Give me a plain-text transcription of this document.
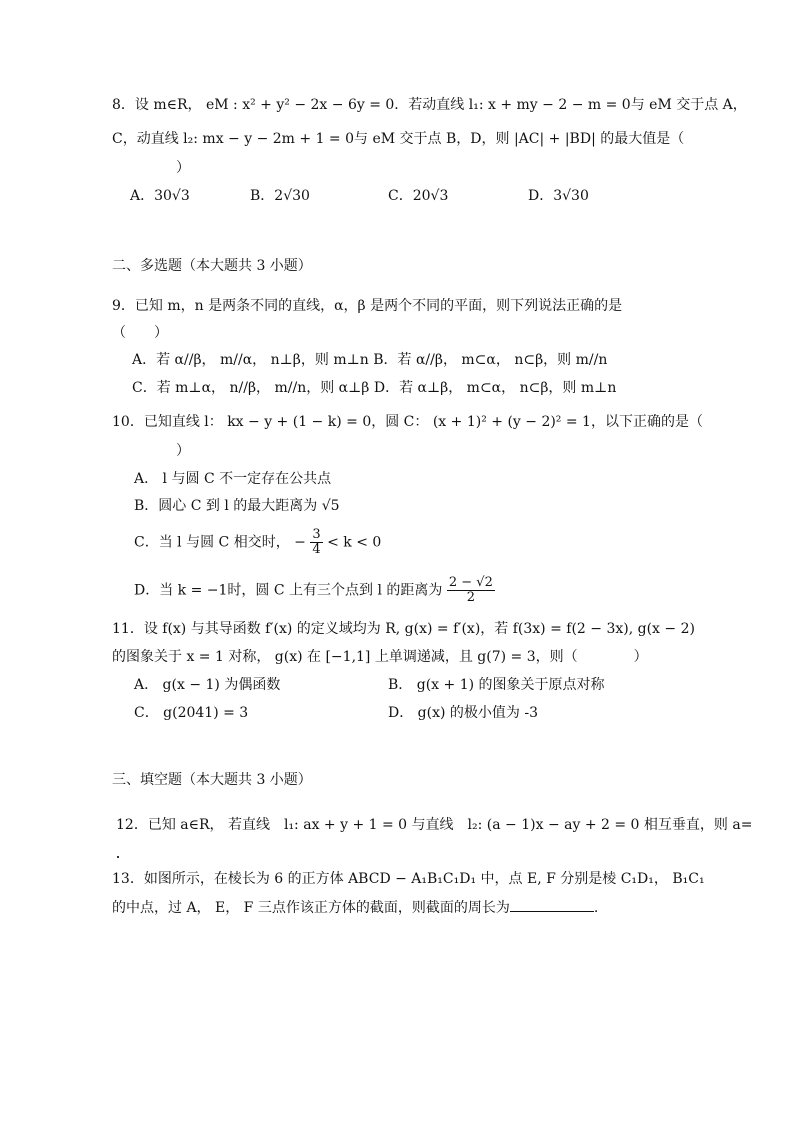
8．设 m∈R， eM : x² + y² − 2x − 6y = 0．若动直线 l₁: x + my − 2 − m = 0与 eM 交于点 A，
C，动直线 l₂: mx − y − 2m + 1 = 0与 eM 交于点 B，D，则 |AC| + |BD| 的最大值是（
）
A．30√3	B．2√30	C．20√3	D．3√30
二、多选题（本大题共 3 小题）
9．已知 m，n 是两条不同的直线，α，β 是两个不同的平面，则下列说法正确的是
（　　）
A．若 α//β， m//α， n⊥β，则 m⊥n B．若 α//β， m⊂α， n⊂β，则 m//n
C．若 m⊥α， n//β， m//n，则 α⊥β D．若 α⊥β， m⊂α， n⊂β，则 m⊥n
10．已知直线 l： kx − y + (1 − k) = 0，圆 C： (x + 1)² + (y − 2)² = 1，以下正确的是（
）
A． l 与圆 C 不一定存在公共点
B．圆心 C 到 l 的最大距离为 √5
C．当 l 与圆 C 相交时， − $\frac{3}{4} < k < 0$
D．当 k = −1时，圆 C 上有三个点到 l 的距离为 $\frac{2 - √2}{2}$
11．设 f(x) 与其导函数 f′(x) 的定义域均为 R, g(x) = f′(x)，若 f(3x) = f(2 − 3x), g(x − 2)
的图象关于 x = 1 对称， g(x) 在 [−1,1] 上单调递减，且 g(7) = 3，则（　　　　）
A． g(x − 1) 为偶函数	B． g(x + 1) 的图象关于原点对称
C． g(2041) = 3	D． g(x) 的极小值为 -3
三、填空题（本大题共 3 小题）
12．已知 a∈R， 若直线　l₁: ax + y + 1 = 0 与直线　l₂: (a − 1)x − ay + 2 = 0 相互垂直，则 a=
13．如图所示，在棱长为 6 的正方体 ABCD − A₁B₁C₁D₁ 中，点 E, F 分别是棱 C₁D₁， B₁C₁
的中点，过 A， E， F 三点作该正方体的截面，则截面的周长为	.
